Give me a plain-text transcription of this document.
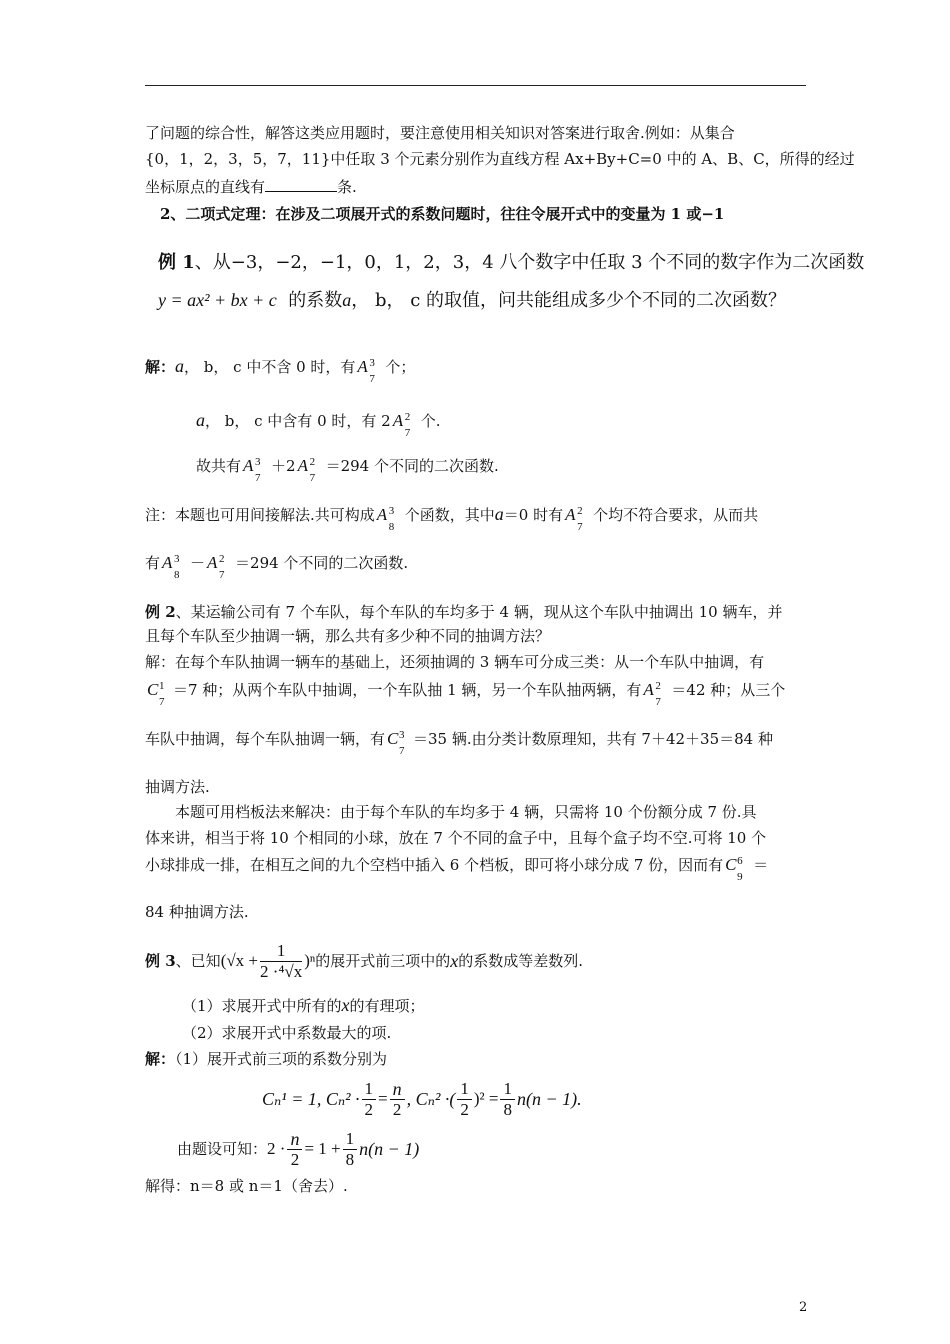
了问题的综合性，解答这类应用题时，要注意使用相关知识对答案进行取舍.例如：从集合
{0，1，2，3，5，7，11}中任取 3 个元素分别作为直线方程 Ax+By+C=0 中的 A、B、C，所得的经过
坐标原点的直线有	条.
2、二项式定理：在涉及二项展开式的系数问题时，往往令展开式中的变量为 1 或−1
例 1、从−3，−2，−1，0，1，2，3，4 八个数字中任取 3 个不同的数字作为二次函数
y = ax² + bx + c 的系数a， b， c 的取值，问共能组成多少个不同的二次函数？
解：a， b， c 中不含 0 时，有 A 3
7
个；
a， b， c 中含有 0 时，有 2 A 2
7
个.
故共有 A 3
7
＋2 A 2
7
＝294 个不同的二次函数.
注：本题也可用间接解法.共可构成 A 3
8
个函数，其中a＝0 时有 A 2
7
个均不符合要求，从而共
有 A 3
8
－ A 2
7
＝294 个不同的二次函数.
例 2、某运输公司有 7 个车队，每个车队的车均多于 4 辆，现从这个车队中抽调出 10 辆车，并
且每个车队至少抽调一辆，那么共有多少种不同的抽调方法？
解：在每个车队抽调一辆车的基础上，还须抽调的 3 辆车可分成三类：从一个车队中抽调，有
C 1
7
＝7 种；从两个车队中抽调，一个车队抽 1 辆，另一个车队抽两辆，有 A 2
7
＝42 种；从三个
车队中抽调，每个车队抽调一辆，有 C 3
7
＝35 辆.由分类计数原理知，共有 7＋42＋35＝84 种
抽调方法.
本题可用档板法来解决：由于每个车队的车均多于 4 辆，只需将 10 个份额分成 7 份.具
体来讲，相当于将 10 个相同的小球，放在 7 个不同的盒子中，且每个盒子均不空.可将 10 个
小球排成一排，在相互之间的九个空档中插入 6 个档板，即可将小球分成 7 份，因而有 C 6
9
＝
84 种抽调方法.
例 3 、已知 $(√x + \frac{1}{\text{2 ·⁴√x}} )^n$ 的展开式前三项中的 x 的系数成等差数列.
（1）求展开式中所有的x的有理项；
（2）求展开式中系数最大的项.
解：（1）展开式前三项的系数分别为
Cₙ¹ = 1, $C_n^2 \cdot \frac{1}{2} = \frac{n}{2}$ , Cₙ² ·( $\frac{1}{2} )^2 = \frac{1}{8} n(n - 1)$.
由题设可知： $2 \cdot \frac{n}{2} = 1 + \frac{1}{8} n(n - 1)$
解得：n＝8 或 n＝1（舍去）.
2
